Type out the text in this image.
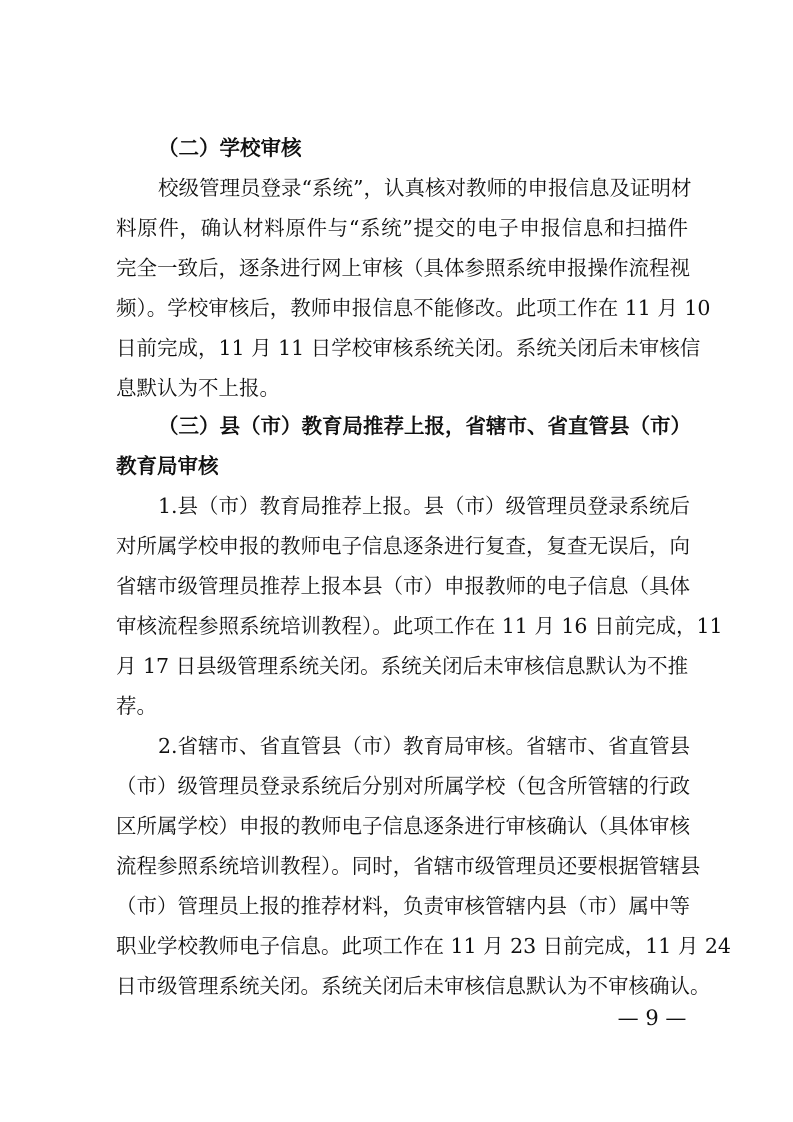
（二）学校审核
校级管理员登录“系统”，认真核对教师的申报信息及证明材
料原件，确认材料原件与“系统”提交的电子申报信息和扫描件
完全一致后，逐条进行网上审核（具体参照系统申报操作流程视
频）。学校审核后，教师申报信息不能修改。此项工作在 11 月 10
日前完成，11 月 11 日学校审核系统关闭。系统关闭后未审核信
息默认为不上报。
（三）县（市）教育局推荐上报，省辖市、省直管县（市）
教育局审核
1.县（市）教育局推荐上报。县（市）级管理员登录系统后
对所属学校申报的教师电子信息逐条进行复查，复查无误后，向
省辖市级管理员推荐上报本县（市）申报教师的电子信息（具体
审核流程参照系统培训教程）。此项工作在 11 月 16 日前完成，11
月 17 日县级管理系统关闭。系统关闭后未审核信息默认为不推
荐。
2.省辖市、省直管县（市）教育局审核。省辖市、省直管县
（市）级管理员登录系统后分别对所属学校（包含所管辖的行政
区所属学校）申报的教师电子信息逐条进行审核确认（具体审核
流程参照系统培训教程）。同时，省辖市级管理员还要根据管辖县
（市）管理员上报的推荐材料，负责审核管辖内县（市）属中等
职业学校教师电子信息。此项工作在 11 月 23 日前完成，11 月 24
日市级管理系统关闭。系统关闭后未审核信息默认为不审核确认。
— 9 —
